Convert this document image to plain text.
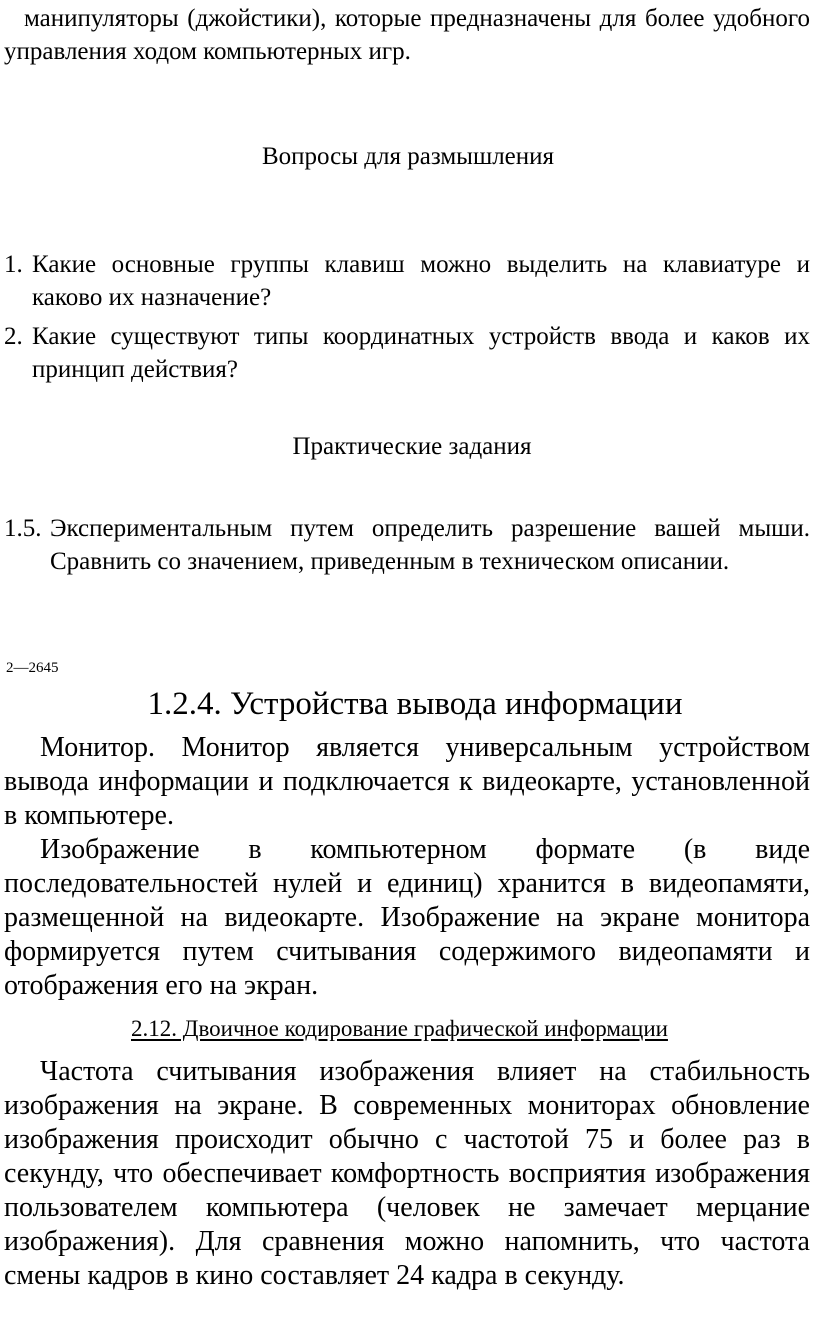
манипуляторы (джойстики), которые предназначены для более удобного управления ходом компьютерных игр.

Вопросы для размышления
1. Какие основные группы клавиш можно выделить на клавиатуре и каково их назначение?
2. Какие существуют типы координатных устройств ввода и каков их принцип действия?
Практические задания
1.5. Экспериментальным путем определить разрешение вашей мыши. Сравнить со значением, приведенным в техническом описании.
2—2645
1.2.4. Устройства вывода информации

Монитор. Монитор является универсальным устройством вывода информации и подключается к видеокарте, установленной в компьютере.

Изображение в компьютерном формате (в виде последовательностей нулей и единиц) хранится в видеопамяти, размещенной на видеокарте. Изображение на экране монитора формируется путем считывания содержимого видеопамяти и отображения его на экран.

2.12. Двоичное кодирование графической информации

Частота считывания изображения влияет на стабильность изображения на экране. В современных мониторах обновление изображения происходит обычно с частотой 75 и более раз в секунду, что обеспечивает комфортность восприятия изображения пользователем компьютера (человек не замечает мерцание изображения). Для сравнения можно напомнить, что частота смены кадров в кино составляет 24 кадра в секунду.
